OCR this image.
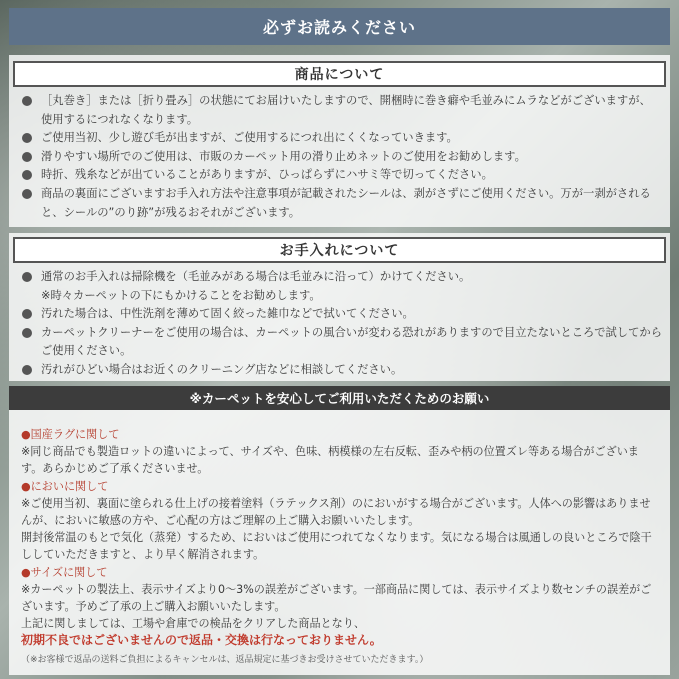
必ずお読みください
商品について
［丸巻き］または［折り畳み］の状態にてお届けいたしますので、開梱時に巻き癖や毛並みにムラなどがございますが、使用するにつれなくなります。
ご使用当初、少し遊び毛が出ますが、ご使用するにつれ出にくくなっていきます。
滑りやすい場所でのご使用は、市販のカーペット用の滑り止めネットのご使用をお勧めします。
時折、残糸などが出ていることがありますが、ひっぱらずにハサミ等で切ってください。
商品の裏面にございますお手入れ方法や注意事項が記載されたシールは、剥がさずにご使用ください。万が一剥がされると、シールの”のり跡”が残るおそれがございます。
お手入れについて
通常のお手入れは掃除機を（毛並みがある場合は毛並みに沿って）かけてください。
※時々カーペットの下にもかけることをお勧めします。
汚れた場合は、中性洗剤を薄めて固く絞った雑巾などで拭いてください。
カーペットクリーナーをご使用の場合は、カーペットの風合いが変わる恐れがありますので目立たないところで試してからご使用ください。
汚れがひどい場合はお近くのクリーニング店などに相談してください。
※カーペットを安心してご利用いただくためのお願い
●国産ラグに関して
※同じ商品でも製造ロットの違いによって、サイズや、色味、柄模様の左右反転、歪みや柄の位置ズレ等ある場合がございます。あらかじめご了承くださいませ。
●においに関して
※ご使用当初、裏面に塗られる仕上げの接着塗料（ラテックス剤）のにおいがする場合がございます。人体への影響はありませんが、においに敏感の方や、ご心配の方はご理解の上ご購入お願いいたします。
開封後常温のもとで気化（蒸発）するため、においはご使用につれてなくなります。気になる場合は風通しの良いところで陰干ししていただきますと、より早く解消されます。
●サイズに関して
※カーペットの製法上、表示サイズより0〜3%の誤差がございます。一部商品に関しては、表示サイズより数センチの誤差がございます。予めご了承の上ご購入お願いいたします。
上記に関しましては、工場や倉庫での検品をクリアした商品となり、
初期不良ではございませんので返品・交換は行なっておりません。
（※お客様で返品の送料ご負担によるキャンセルは、返品規定に基づきお受けさせていただきます。）
